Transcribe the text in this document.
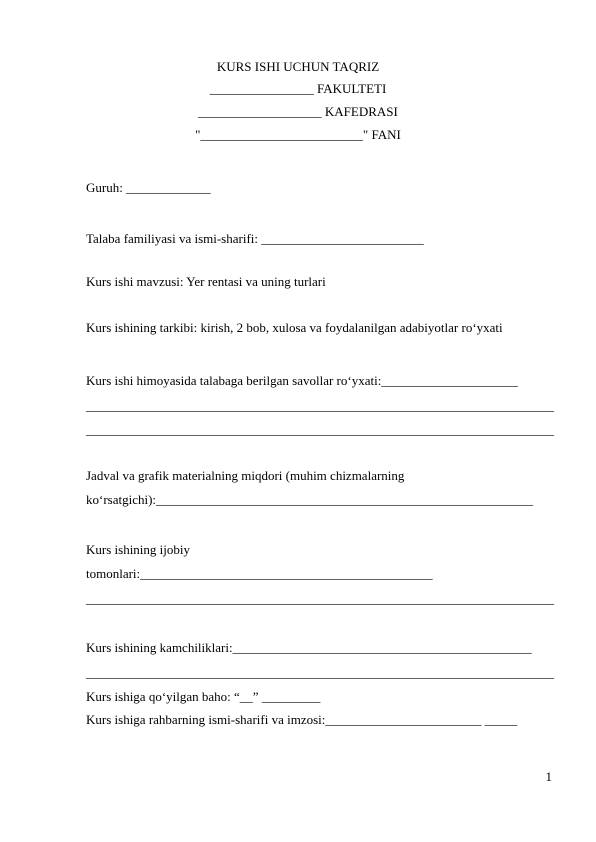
KURS ISHI UCHUN TAQRIZ
________________ FAKULTETI
___________________ KAFEDRASI
"_________________________" FANI
Guruh: _____________
Talaba familiyasi va ismi-sharifi: _________________________
Kurs ishi mavzusi: Yer rentasi va uning turlari
Kurs ishining tarkibi: kirish, 2 bob, xulosa va foydalanilgan adabiyotlar ro‘yxati
Kurs ishi himoyasida talabaga berilgan savollar ro‘yxati:_____________________
________________________________________________________________________
________________________________________________________________________
Jadval va grafik materialning miqdori (muhim chizmalarning
ko‘rsatgichi):__________________________________________________________
Kurs ishining ijobiy
tomonlari:_____________________________________________
________________________________________________________________________
Kurs ishining kamchiliklari:______________________________________________
________________________________________________________________________
Kurs ishiga qo‘yilgan baho: “__” _________
Kurs ishiga rahbarning ismi-sharifi va imzosi:________________________ _____
1
